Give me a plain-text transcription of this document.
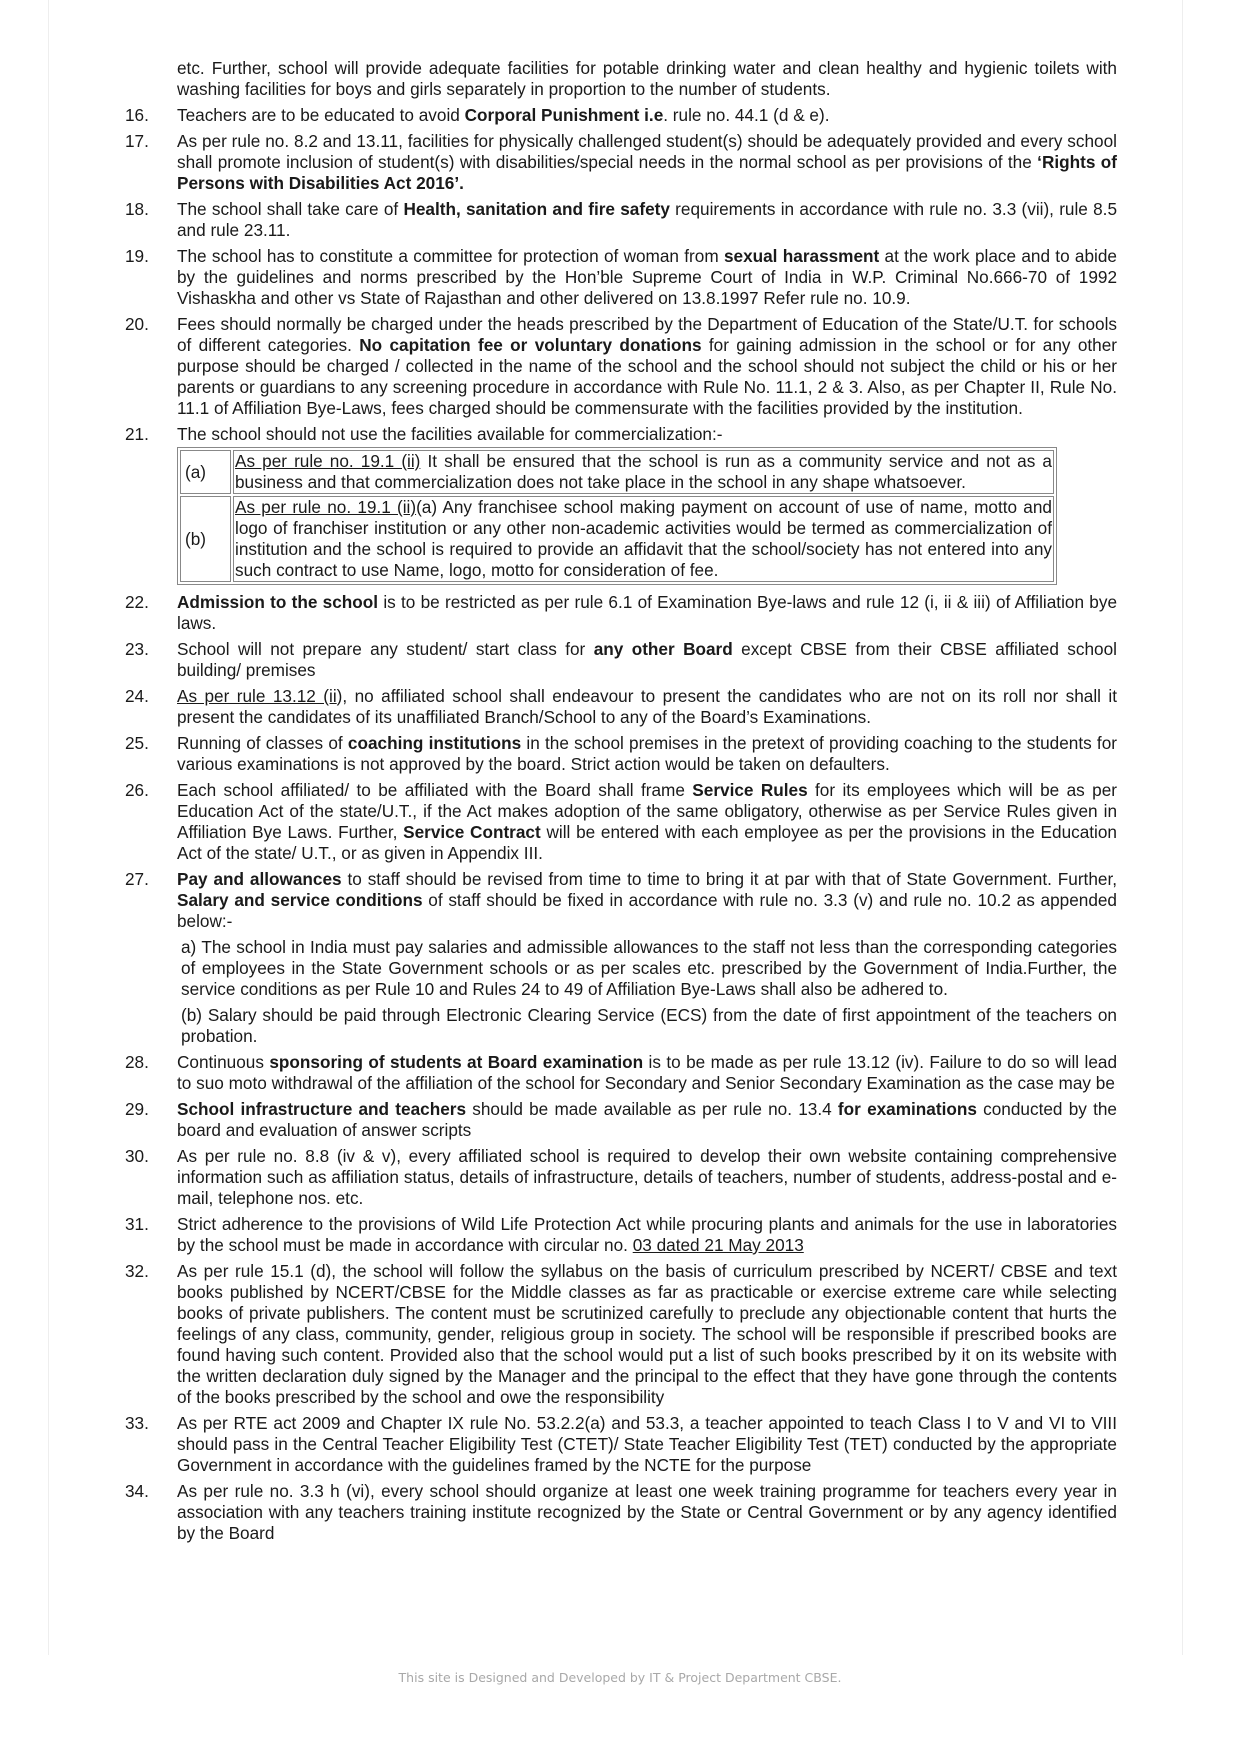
etc. Further, school will provide adequate facilities for potable drinking water and clean healthy and hygienic toilets with washing facilities for boys and girls separately in proportion to the number of students.
16.	Teachers are to be educated to avoid Corporal Punishment i.e. rule no. 44.1 (d & e).
17.	As per rule no. 8.2 and 13.11, facilities for physically challenged student(s) should be adequately provided and every school shall promote inclusion of student(s) with disabilities/special needs in the normal school as per provisions of the ‘Rights of Persons with Disabilities Act 2016’.
18.	The school shall take care of Health, sanitation and fire safety requirements in accordance with rule no. 3.3 (vii), rule 8.5 and rule 23.11.
19.	The school has to constitute a committee for protection of woman from sexual harassment at the work place and to abide by the guidelines and norms prescribed by the Hon’ble Supreme Court of India in W.P. Criminal No.666-70 of 1992 Vishaskha and other vs State of Rajasthan and other delivered on 13.8.1997 Refer rule no. 10.9.
20.	Fees should normally be charged under the heads prescribed by the Department of Education of the State/U.T. for schools of different categories. No capitation fee or voluntary donations for gaining admission in the school or for any other purpose should be charged / collected in the name of the school and the school should not subject the child or his or her parents or guardians to any screening procedure in accordance with Rule No. 11.1, 2 & 3. Also, as per Chapter II, Rule No. 11.1 of Affiliation Bye-Laws, fees charged should be commensurate with the facilities provided by the institution.
21.	The school should not use the facilities available for commercialization:-
(a)	As per rule no. 19.1 (ii) It shall be ensured that the school is run as a community service and not as a business and that commercialization does not take place in the school in any shape whatsoever.
(b)	As per rule no. 19.1 (ii)(a) Any franchisee school making payment on account of use of name, motto and logo of franchiser institution or any other non-academic activities would be termed as commercialization of institution and the school is required to provide an affidavit that the school/society has not entered into any such contract to use Name, logo, motto for consideration of fee.
22.	Admission to the school is to be restricted as per rule 6.1 of Examination Bye-laws and rule 12 (i, ii & iii) of Affiliation bye laws.
23.	School will not prepare any student/ start class for any other Board except CBSE from their CBSE affiliated school building/ premises
24.	As per rule 13.12 (ii), no affiliated school shall endeavour to present the candidates who are not on its roll nor shall it present the candidates of its unaffiliated Branch/School to any of the Board’s Examinations.
25.	Running of classes of coaching institutions in the school premises in the pretext of providing coaching to the students for various examinations is not approved by the board. Strict action would be taken on defaulters.
26.	Each school affiliated/ to be affiliated with the Board shall frame Service Rules for its employees which will be as per Education Act of the state/U.T., if the Act makes adoption of the same obligatory, otherwise as per Service Rules given in Affiliation Bye Laws. Further, Service Contract will be entered with each employee as per the provisions in the Education Act of the state/ U.T., or as given in Appendix III.
27.	Pay and allowances to staff should be revised from time to time to bring it at par with that of State Government. Further, Salary and service conditions of staff should be fixed in accordance with rule no. 3.3 (v) and rule no. 10.2 as appended below:-
a) The school in India must pay salaries and admissible allowances to the staff not less than the corresponding categories of employees in the State Government schools or as per scales etc. prescribed by the Government of India.Further, the service conditions as per Rule 10 and Rules 24 to 49 of Affiliation Bye-Laws shall also be adhered to.
(b) Salary should be paid through Electronic Clearing Service (ECS) from the date of first appointment of the teachers on probation.
28.	Continuous sponsoring of students at Board examination is to be made as per rule 13.12 (iv). Failure to do so will lead to suo moto withdrawal of the affiliation of the school for Secondary and Senior Secondary Examination as the case may be
29.	School infrastructure and teachers should be made available as per rule no. 13.4 for examinations conducted by the board and evaluation of answer scripts
30.	As per rule no. 8.8 (iv & v), every affiliated school is required to develop their own website containing comprehensive information such as affiliation status, details of infrastructure, details of teachers, number of students, address-postal and e-mail, telephone nos. etc.
31.	Strict adherence to the provisions of Wild Life Protection Act while procuring plants and animals for the use in laboratories by the school must be made in accordance with circular no. 03 dated 21 May 2013
32.	As per rule 15.1 (d), the school will follow the syllabus on the basis of curriculum prescribed by NCERT/ CBSE and text books published by NCERT/CBSE for the Middle classes as far as practicable or exercise extreme care while selecting books of private publishers. The content must be scrutinized carefully to preclude any objectionable content that hurts the feelings of any class, community, gender, religious group in society. The school will be responsible if prescribed books are found having such content. Provided also that the school would put a list of such books prescribed by it on its website with the written declaration duly signed by the Manager and the principal to the effect that they have gone through the contents of the books prescribed by the school and owe the responsibility
33.	As per RTE act 2009 and Chapter IX rule No. 53.2.2(a) and 53.3, a teacher appointed to teach Class I to V and VI to VIII should pass in the Central Teacher Eligibility Test (CTET)/ State Teacher Eligibility Test (TET) conducted by the appropriate Government in accordance with the guidelines framed by the NCTE for the purpose
34.	As per rule no. 3.3 h (vi), every school should organize at least one week training programme for teachers every year in association with any teachers training institute recognized by the State or Central Government or by any agency identified by the Board
This site is Designed and Developed by IT & Project Department CBSE.
